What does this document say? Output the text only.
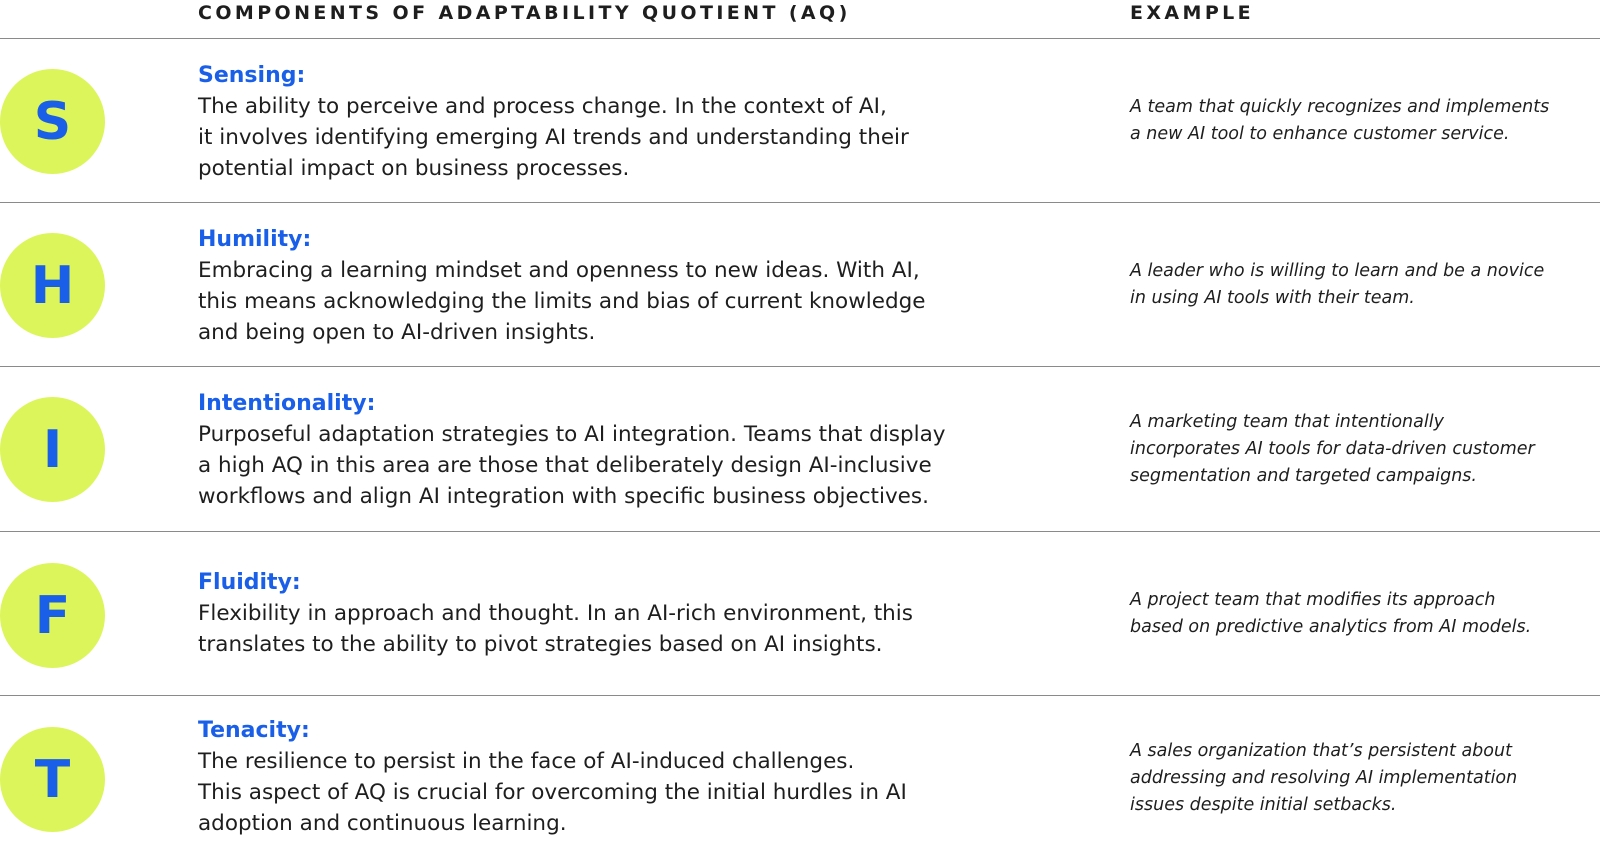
COMPONENTS OF ADAPTABILITY QUOTIENT (AQ)	EXAMPLE
S
Sensing:
The ability to perceive and process change. In the context of AI,
it involves identifying emerging AI trends and understanding their
potential impact on business processes.
A team that quickly recognizes and implements
a new AI tool to enhance customer service.
H
Humility:
Embracing a learning mindset and openness to new ideas. With AI,
this means acknowledging the limits and bias of current knowledge
and being open to AI-driven insights.
A leader who is willing to learn and be a novice
in using AI tools with their team.
I
Intentionality:
Purposeful adaptation strategies to AI integration. Teams that display
a high AQ in this area are those that deliberately design AI-inclusive
workflows and align AI integration with specific business objectives.
A marketing team that intentionally
incorporates AI tools for data-driven customer
segmentation and targeted campaigns.
F
Fluidity:
Flexibility in approach and thought. In an AI-rich environment, this
translates to the ability to pivot strategies based on AI insights.
A project team that modifies its approach
based on predictive analytics from AI models.
T
Tenacity:
The resilience to persist in the face of AI-induced challenges.
This aspect of AQ is crucial for overcoming the initial hurdles in AI
adoption and continuous learning.
A sales organization that’s persistent about
addressing and resolving AI implementation
issues despite initial setbacks.
